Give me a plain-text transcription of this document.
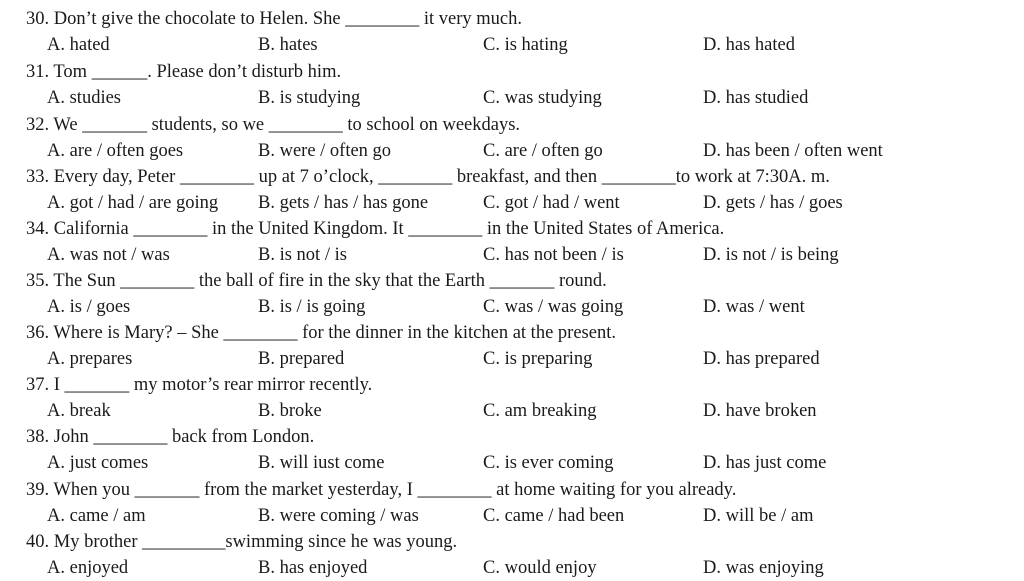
30. Don’t give the chocolate to Helen. She ________ it very much.
A. hated	B. hates	C. is hating	D. has hated
31. Tom ______. Please don’t disturb him.
A. studies	B. is studying	C. was studying	D. has studied
32. We _______ students, so we ________ to school on weekdays.
A. are / often goes	B. were / often go	C. are / often go	D. has been / often went
33. Every day, Peter ________ up at 7 o’clock, ________ breakfast, and then ________to work at 7:30A. m.
A. got / had / are going B. gets / has / has gone	C. got / had / went	D. gets / has / goes
34. California ________ in the United Kingdom. It ________ in the United States of America.
A. was not / was	B. is not / is	C. has not been / is	D. is not / is being
35. The Sun ________ the ball of fire in the sky that the Earth _______ round.
A. is / goes	B. is / is going	C. was / was going	D. was / went
36. Where is Mary? – She ________ for the dinner in the kitchen at the present.
A. prepares	B. prepared	C. is preparing	D. has prepared
37. I _______ my motor’s rear mirror recently.
A. break	B. broke	C. am breaking	D. have broken
38. John ________ back from London.
A. just comes	B. will iust come	C. is ever coming	D. has just come
39. When you _______ from the market yesterday, I ________ at home waiting for you already.
A. came / am	B. were coming / was	C. came / had been	D. will be / am
40. My brother _________swimming since he was young.
A. enjoyed	B. has enjoyed	C. would enjoy	D. was enjoying
